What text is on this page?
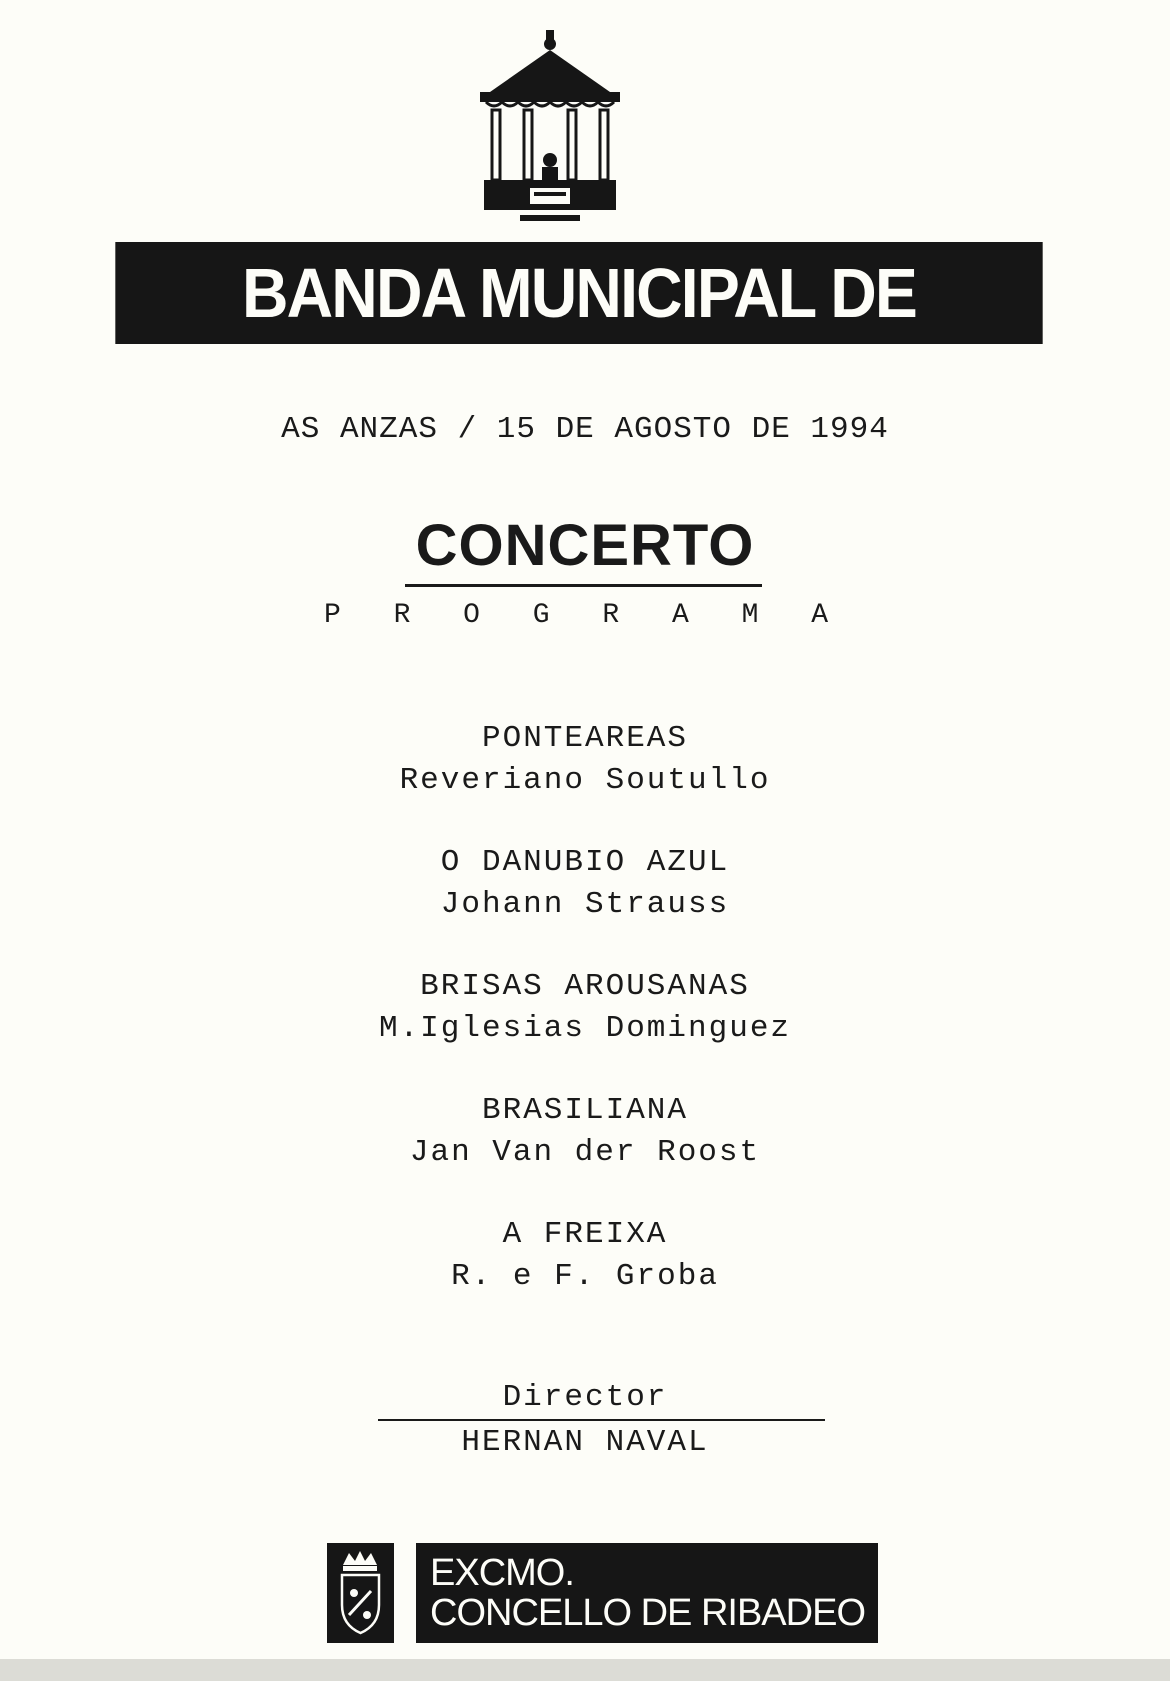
BANDA MUNICIPAL DE RIBADEO
AS ANZAS / 15 DE AGOSTO DE 1994
CONCERTO
P R O G R A M A
PONTEAREAS
Reveriano Soutullo
O DANUBIO AZUL
Johann Strauss
BRISAS AROUSANAS
M.Iglesias Dominguez
BRASILIANA
Jan Van der Roost
A FREIXA
R. e F. Groba
Director
HERNAN NAVAL
EXCMO.
CONCELLO DE RIBADEO
